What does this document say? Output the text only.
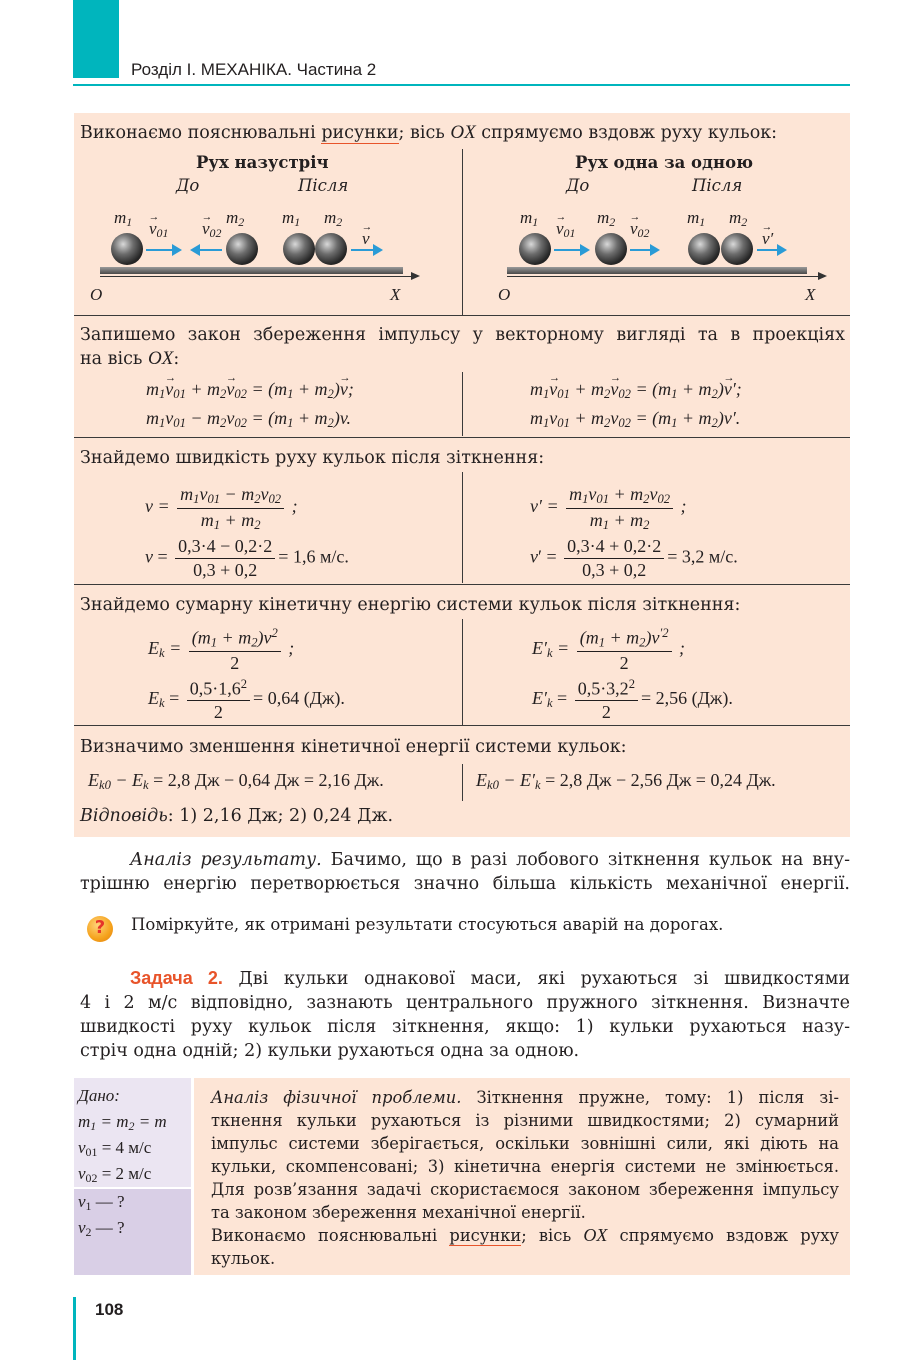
Розділ І. МЕХАНІКА. Частина 2
Виконаємо пояснювальні рисунки; вісь OX спрямуємо вздовж руху кульок:
Рух назустріч
До	Після
$m_1$
→ $v_{01}$
→ $v_{02}$
$m_2$ $m_1$ $m_2$
→ v
O	X
Рух одна за одною
До	Після
$m_1$
→ $v_{01}$
$m_2$
→ $v_{02}$
$m_1$ $m_2$
→ v′
O	X
Запишемо закон збереження імпульсу у векторному вигляді та в проекціях
на вісь OX:
$m_1\to v_{01} + m_2\to v_{02} = (m_1 + m_2)\to v$;
$m_1v_{01} - m_2v_{02} = (m_1 + m_2)v$.
$m_1\to v_{01} + m_2\to v_{02} = (m_1 + m_2)\to v'$;
$m_1v_{01} + m_2v_{02} = (m_1 + m_2)v'$.
Знайдемо швидкість руху кульок після зіткнення:
$v = \frac{m_1v_{01} - m_2v_{02}}{m_1 + m_2}$ ;
$v = \frac{0,3\cdot 4 - 0,2\cdot 2}{0,3 + 0,2} = 1,6$ м/с.
$v' = \frac{m_1v_{01} + m_2v_{02}}{m_1 + m_2}$ ;
$v' = \frac{0,3\cdot 4 + 0,2\cdot 2}{0,3 + 0,2} = 3,2$ м/с.
Знайдемо сумарну кінетичну енергію системи кульок після зіткнення:
$E_k = \frac{(m_1 + m_2)v^2}{2}$ ;
$E_k = \frac{0,5\cdot 1,6^2}{2} = 0,64$ (Дж).
$E'_k = \frac{(m_1 + m_2)v^{'2}}{2}$ ;
$E'_k = \frac{0,5\cdot 3,2^2}{2} = 2,56$ (Дж).
Визначимо зменшення кінетичної енергії системи кульок:
$E_{k0} - E_k = 2,8$ Дж − 0,64 Дж = 2,16 Дж.	$E_{k0} - E'_k = 2,8$ Дж − 2,56 Дж = 0,24 Дж.
Відповідь: 1) 2,16 Дж; 2) 0,24 Дж.
Аналіз результату. Бачимо, що в разі лобового зіткнення кульок на вну-
трішню енергію перетворюється значно більша кількість механічної енергії.
?	Поміркуйте, як отримані результати стосуються аварій на дорогах.
Задача 2. Дві кульки однакової маси, які рухаються зі швидкостями
4 і 2 м/с відповідно, зазнають центрального пружного зіткнення. Визначте
швидкості руху кульок після зіткнення, якщо: 1) кульки рухаються назу-
стріч одна одній; 2) кульки рухаються одна за одною.
Дано:
$m_1 = m_2 = m$
$v_{01} = 4$ м/с
$v_{02} = 2$ м/с
$v_1$ — ?
$v_2$ — ?
Аналіз фізичної проблеми. Зіткнення пружне, тому: 1) після зі-
ткнення кульки рухаються із різними швидкостями; 2) сумарний
імпульс системи зберігається, оскільки зовнішні сили, які діють на
кульки, скомпенсовані; 3) кінетична енергія системи не змінюється.
Для розв’язання задачі скористаємося законом збереження імпульсу
та законом збереження механічної енергії.
Виконаємо пояснювальні рисунки; вісь OX спрямуємо вздовж руху
кульок.
108
